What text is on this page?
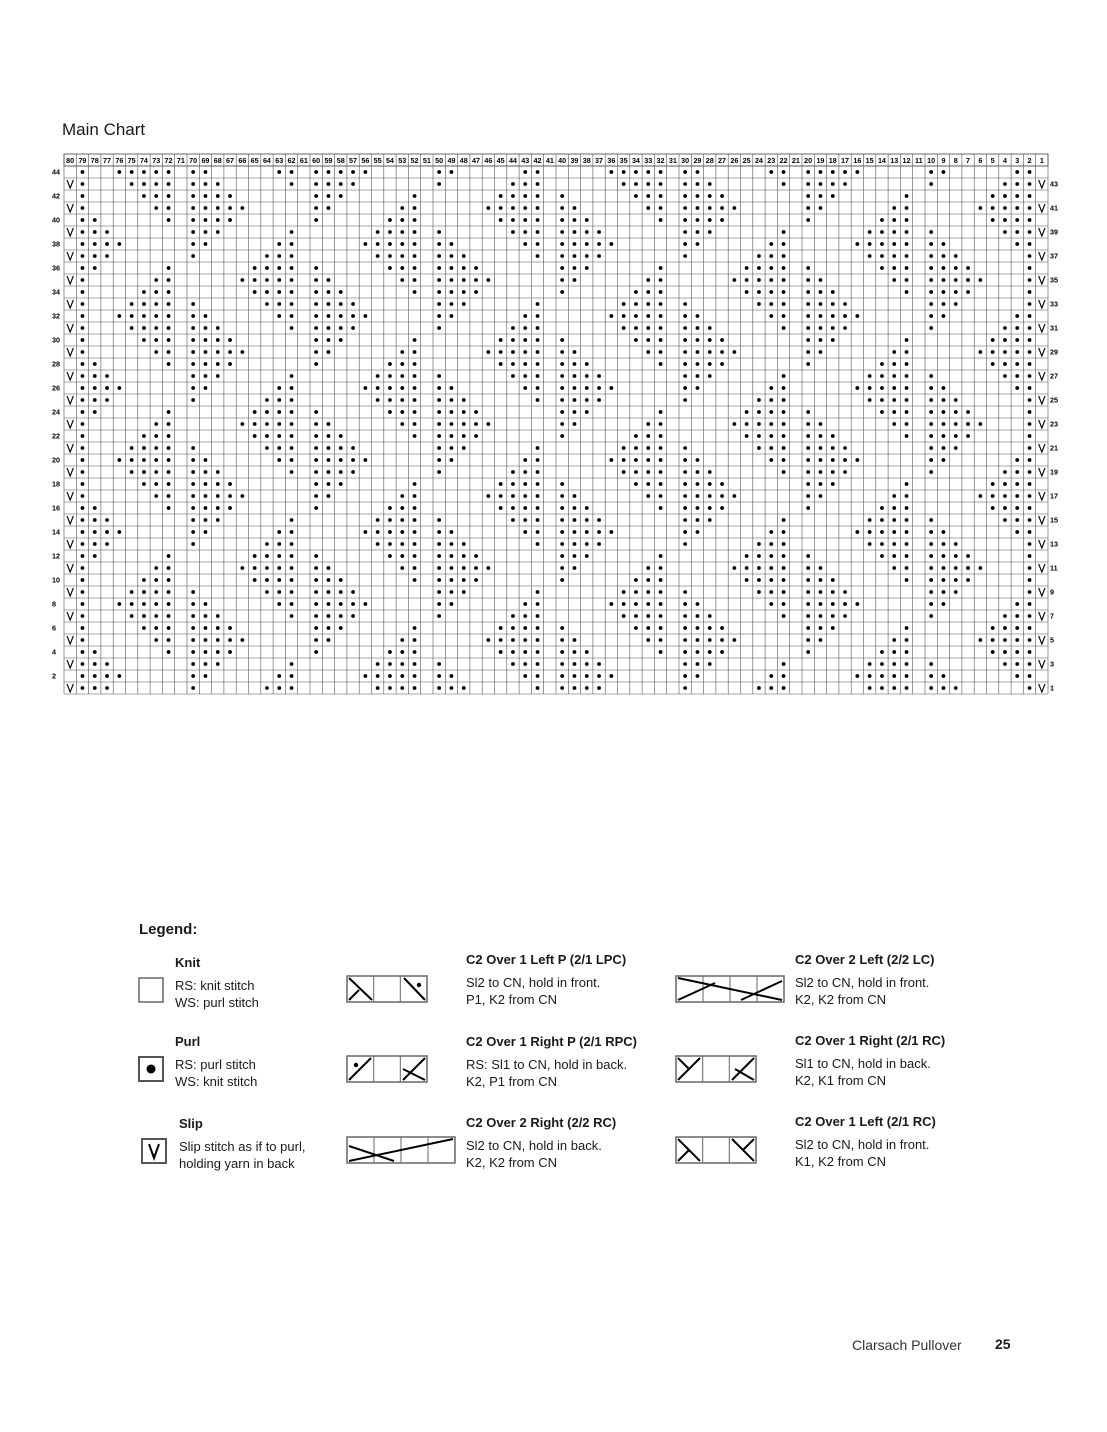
Main Chart
80 79 78 77 76 75 74 73 72 71 70 69 68 67 66 65 64 63 62 61 60 59 58 57 56 55 54 53 52 51 50 49 48 47 46 45 44 43 42 41 40 39 38 37 36 35 34 33 32 31 30 29 28 27 26 25 24 23 22 21 20 19 18 17 16 15 14 13 12 11 10 9 8 7 6 5 4 3 2 1
44
42
40
38
36
34
32
30
28
26
24
22
20
18
16
14
12
10
8
6
4
2
43
41
39
37
35
33
31
29
27
25
23
21
19
17
15
13
11
9
7
5
3
1
Legend:
Knit
RS: knit stitch
WS: purl stitch
Purl
RS: purl stitch
WS: knit stitch
Slip
Slip stitch as if to purl,
holding yarn in back
C2 Over 1 Left P (2/1 LPC)
Sl2 to CN, hold in front.
P1, K2 from CN
C2 Over 1 Right P (2/1 RPC)
RS: Sl1 to CN, hold in back.
K2, P1 from CN
C2 Over 2 Right (2/2 RC)
Sl2 to CN, hold in back.
K2, K2 from CN
C2 Over 2 Left (2/2 LC)
Sl2 to CN, hold in front.
K2, K2 from CN
C2 Over 1 Right (2/1 RC)
Sl1 to CN, hold in back.
K2, K1 from CN
C2 Over 1 Left (2/1 RC)
Sl2 to CN, hold in front.
K1, K2 from CN
Clarsach Pullover 25
